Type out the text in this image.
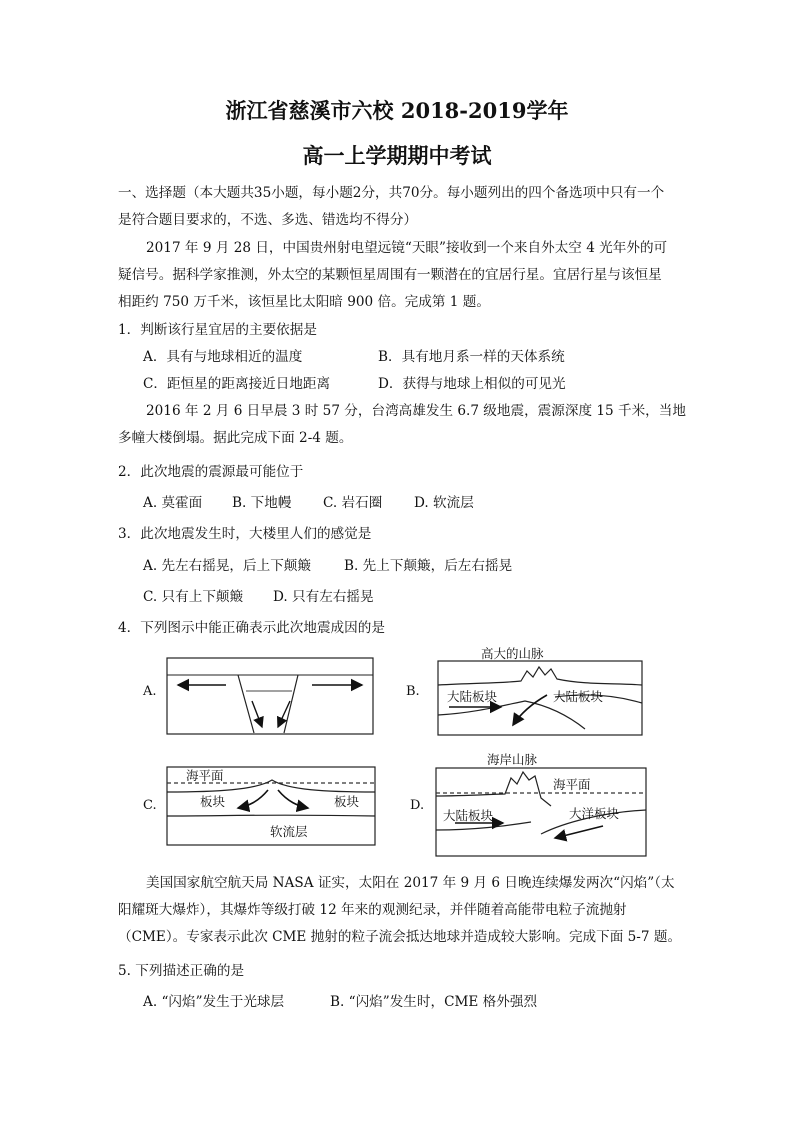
浙江省慈溪市六校 2018-2019学年
高一上学期期中考试
一、选择题（本大题共35小题，每小题2分，共70分。每小题列出的四个备选项中只有一个
是符合题目要求的，不选、多选、错选均不得分）
2017 年 9 月 28 日，中国贵州射电望远镜“天眼”接收到一个来自外太空 4 光年外的可
疑信号。据科学家推测，外太空的某颗恒星周围有一颗潜在的宜居行星。宜居行星与该恒星
相距约 750 万千米，该恒星比太阳暗 900 倍。完成第 1 题。
1．判断该行星宜居的主要依据是
A．具有与地球相近的温度	B．具有地月系一样的天体系统
C．距恒星的距离接近日地距离	D．获得与地球上相似的可见光
2016 年 2 月 6 日早晨 3 时 57 分，台湾高雄发生 6.7 级地震，震源深度 15 千米，当地
多幢大楼倒塌。据此完成下面 2-4 题。
2．此次地震的震源最可能位于
A. 莫霍面 B. 下地幔 C. 岩石圈 D. 软流层
3．此次地震发生时，大楼里人们的感觉是
A. 先左右摇晃，后上下颠簸 B. 先上下颠簸，后左右摇晃
C. 只有上下颠簸 D. 只有左右摇晃
4．下列图示中能正确表示此次地震成因的是
A.	B.
C.	D.
高大的山脉
大陆板块	大陆板块
海平面
板块	板块
软流层
海岸山脉
海平面
大陆板块	大洋板块
美国国家航空航天局 NASA 证实，太阳在 2017 年 9 月 6 日晚连续爆发两次“闪焰”（太
阳耀斑大爆炸），其爆炸等级打破 12 年来的观测纪录，并伴随着高能带电粒子流抛射
（CME）。专家表示此次 CME 抛射的粒子流会抵达地球并造成较大影响。完成下面 5-7 题。
5. 下列描述正确的是
A. “闪焰”发生于光球层	B. “闪焰”发生时，CME 格外强烈
